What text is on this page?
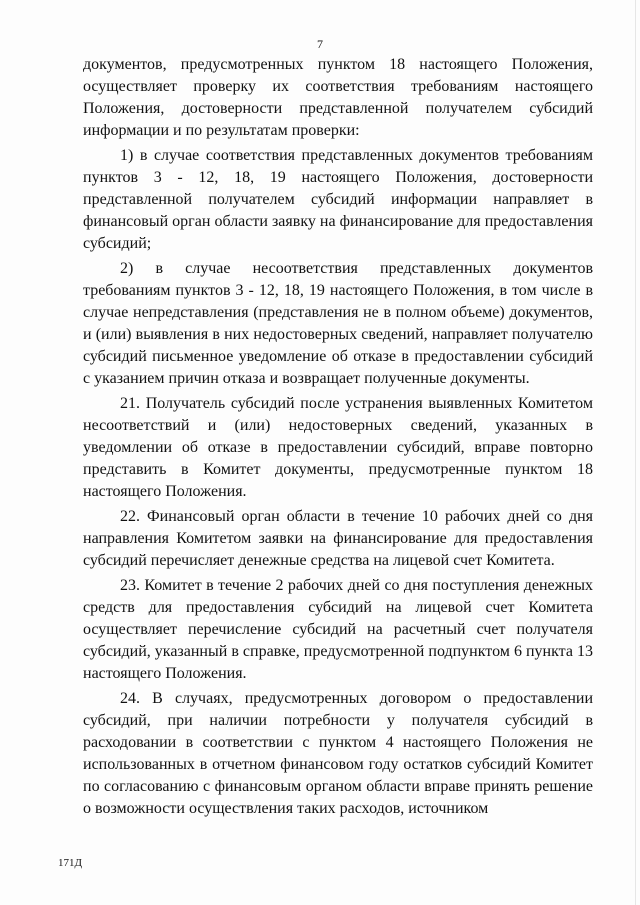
7

документов, предусмотренных пунктом 18 настоящего Положения, осуществляет проверку их соответствия требованиям настоящего Положения, достоверности представленной получателем субсидий информации и по результатам проверки:

1) в случае соответствия представленных документов требованиям пунктов 3 - 12, 18, 19 настоящего Положения, достоверности представленной получателем субсидий информации направляет в финансовый орган области заявку на финансирование для предоставления субсидий;

2) в случае несоответствия представленных документов требованиям пунктов 3 - 12, 18, 19 настоящего Положения, в том числе в случае непредставления (представления не в полном объеме) документов, и (или) выявления в них недостоверных сведений, направляет получателю субсидий письменное уведомление об отказе в предоставлении субсидий с указанием причин отказа и возвращает полученные документы.

21. Получатель субсидий после устранения выявленных Комитетом несоответствий и (или) недостоверных сведений, указанных в уведомлении об отказе в предоставлении субсидий, вправе повторно представить в Комитет документы, предусмотренные пунктом 18 настоящего Положения.

22. Финансовый орган области в течение 10 рабочих дней со дня направления Комитетом заявки на финансирование для предоставления субсидий перечисляет денежные средства на лицевой счет Комитета.

23. Комитет в течение 2 рабочих дней со дня поступления денежных средств для предоставления субсидий на лицевой счет Комитета осуществляет перечисление субсидий на расчетный счет получателя субсидий, указанный в справке, предусмотренной подпунктом 6 пункта 13 настоящего Положения.

24. В случаях, предусмотренных договором о предоставлении субсидий, при наличии потребности у получателя субсидий в расходовании в соответствии с пунктом 4 настоящего Положения не использованных в отчетном финансовом году остатков субсидий Комитет по согласованию с финансовым органом области вправе принять решение о возможности осуществления таких расходов, источником

171Д
